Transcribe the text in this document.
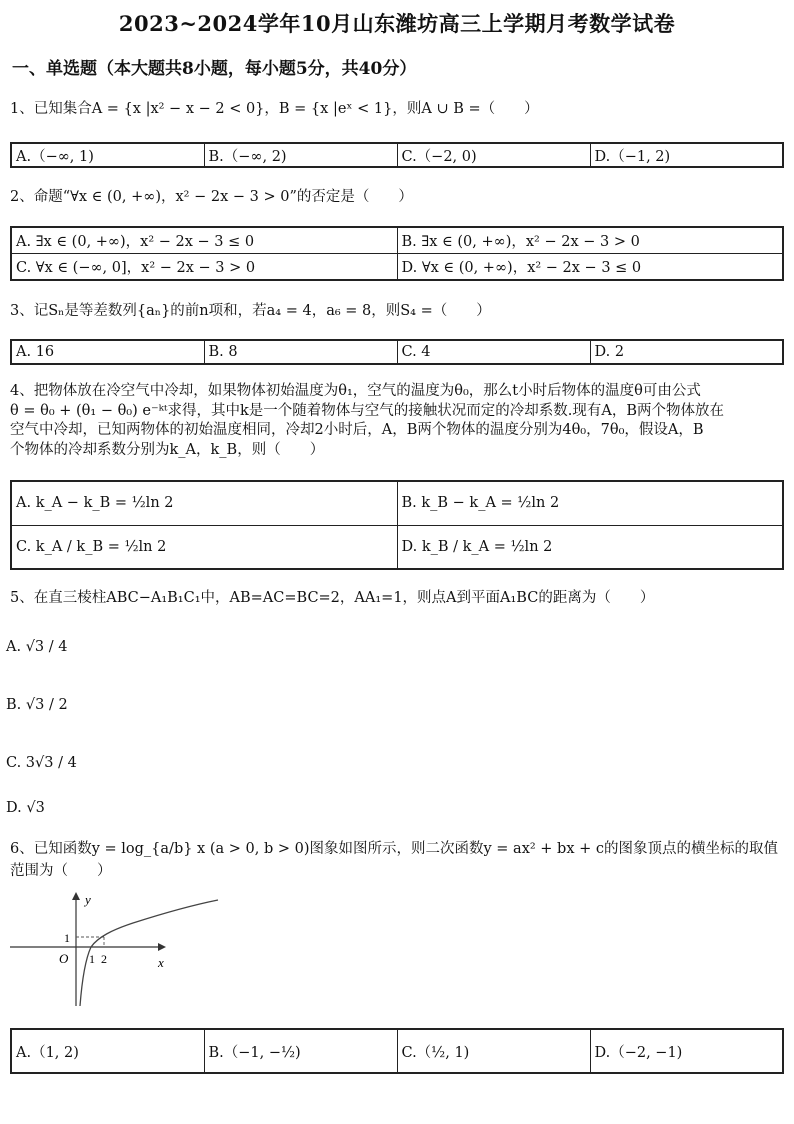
2023~2024学年10月山东潍坊高三上学期月考数学试卷
一、单选题（本大题共8小题，每小题5分，共40分）
1、已知集合A = {x |x² − x − 2 < 0}，B = {x |eˣ < 1}，则A ∪ B =（　　）
A.（−∞, 1)	B.（−∞, 2)	C.（−2, 0)	D.（−1, 2)
2、命题“∀x ∈ (0, +∞)，x² − 2x − 3 > 0”的否定是（　　）
A. ∃x ∈ (0, +∞)，x² − 2x − 3 ≤ 0	B. ∃x ∈ (0, +∞)，x² − 2x − 3 > 0
C. ∀x ∈ (−∞, 0]，x² − 2x − 3 > 0	D. ∀x ∈ (0, +∞)，x² − 2x − 3 ≤ 0
3、记Sₙ是等差数列{aₙ}的前n项和，若a₄ = 4，a₆ = 8，则S₄ =（　　）
A. 16	B. 8	C. 4	D. 2
4、把物体放在冷空气中冷却，如果物体初始温度为θ₁，空气的温度为θ₀，那么t小时后物体的温度θ可由公式
θ = θ₀ + (θ₁ − θ₀) e⁻ᵏᵗ求得，其中k是一个随着物体与空气的接触状况而定的冷却系数.现有A，B两个物体放在
空气中冷却，已知两物体的初始温度相同，冷却2小时后，A，B两个物体的温度分别为4θ₀，7θ₀，假设A，B
个物体的冷却系数分别为k_A，k_B，则（　　）
A. k_A − k_B = ½ln 2	B. k_B − k_A = ½ln 2
C. k_A / k_B = ½ln 2	D. k_B / k_A = ½ln 2
5、在直三棱柱ABC−A₁B₁C₁中，AB=AC=BC=2，AA₁=1，则点A到平面A₁BC的距离为（　　）
A. √3 / 4
B. √3 / 2
C. 3√3 / 4
D. √3
6、已知函数y = log_{a/b} x (a > 0, b > 0)图象如图所示，则二次函数y = ax² + bx + c的图象顶点的横坐标的取值
范围为（　　）
y
x
O
1
1 2
A.（1, 2)	B.（−1, −½)	C.（½, 1)	D.（−2, −1)
